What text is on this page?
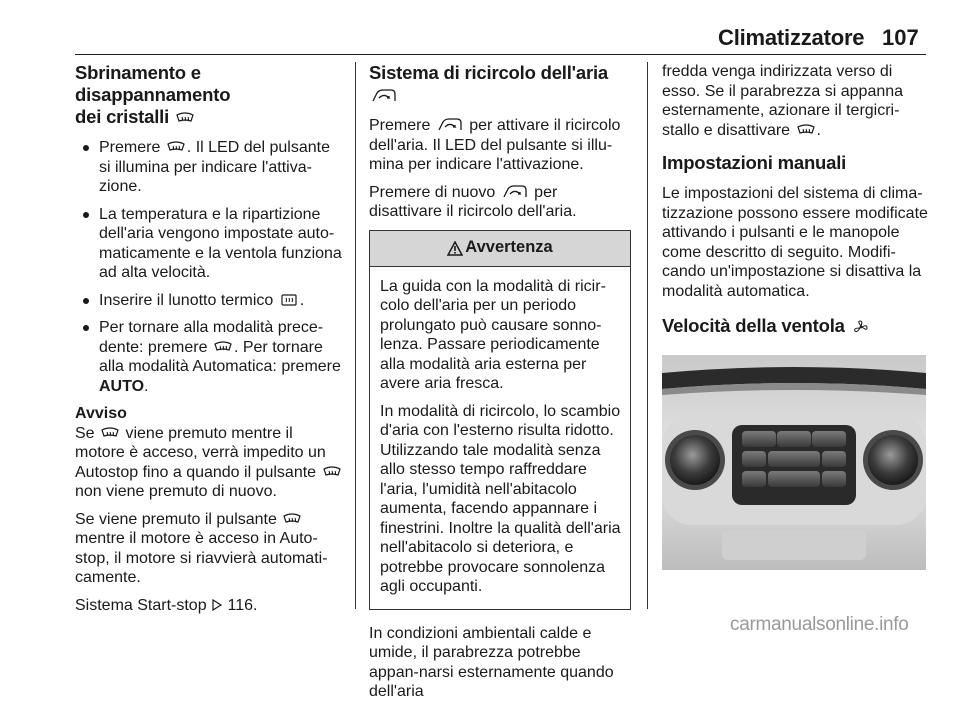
Climatizzatore 107
Sbrinamento e disappannamento
dei cristalli
Premere
. Il LED del pulsante si illumina per indicare l'attiva-zione.
La temperatura e la ripartizione dell'aria vengono impostate auto-maticamente e la ventola funziona ad alta velocità.
Inserire il lunotto termico
.
Per tornare alla modalità prece-dente: premere
. Per tornare alla modalità Automatica: premere AUTO.

Avviso

Se
viene premuto mentre il motore è acceso, verrà impedito un Autostop fino a quando il pulsante
non viene premuto di nuovo.

Se viene premuto il pulsante
mentre il motore è acceso in Auto-stop, il motore si riavvierà automati-camente.

Sistema Start-stop
116.

Sistema di ricircolo dell'aria

Premere
per attivare il ricircolo dell'aria. Il LED del pulsante si illu-mina per indicare l'attivazione.

Premere di nuovo
per disattivare il ricircolo dell'aria.

Avvertenza

La guida con la modalità di ricir-colo dell'aria per un periodo prolungato può causare sonno-lenza. Passare periodicamente alla modalità aria esterna per avere aria fresca.

In modalità di ricircolo, lo scambio d'aria con l'esterno risulta ridotto. Utilizzando tale modalità senza allo stesso tempo raffreddare l'aria, l'umidità nell'abitacolo aumenta, facendo appannare i finestrini. Inoltre la qualità dell'aria nell'abitacolo si deteriora, e potrebbe provocare sonnolenza agli occupanti.

In condizioni ambientali calde e umide, il parabrezza potrebbe appan-narsi esternamente quando dell'aria

fredda venga indirizzata verso di esso. Se il parabrezza si appanna esternamente, azionare il tergicri-stallo e disattivare
.

Impostazioni manuali

Le impostazioni del sistema di clima-tizzazione possono essere modificate attivando i pulsanti e le manopole come descritto di seguito. Modifi-cando un'impostazione si disattiva la modalità automatica.

Velocità della ventola
carmanualsonline.info
